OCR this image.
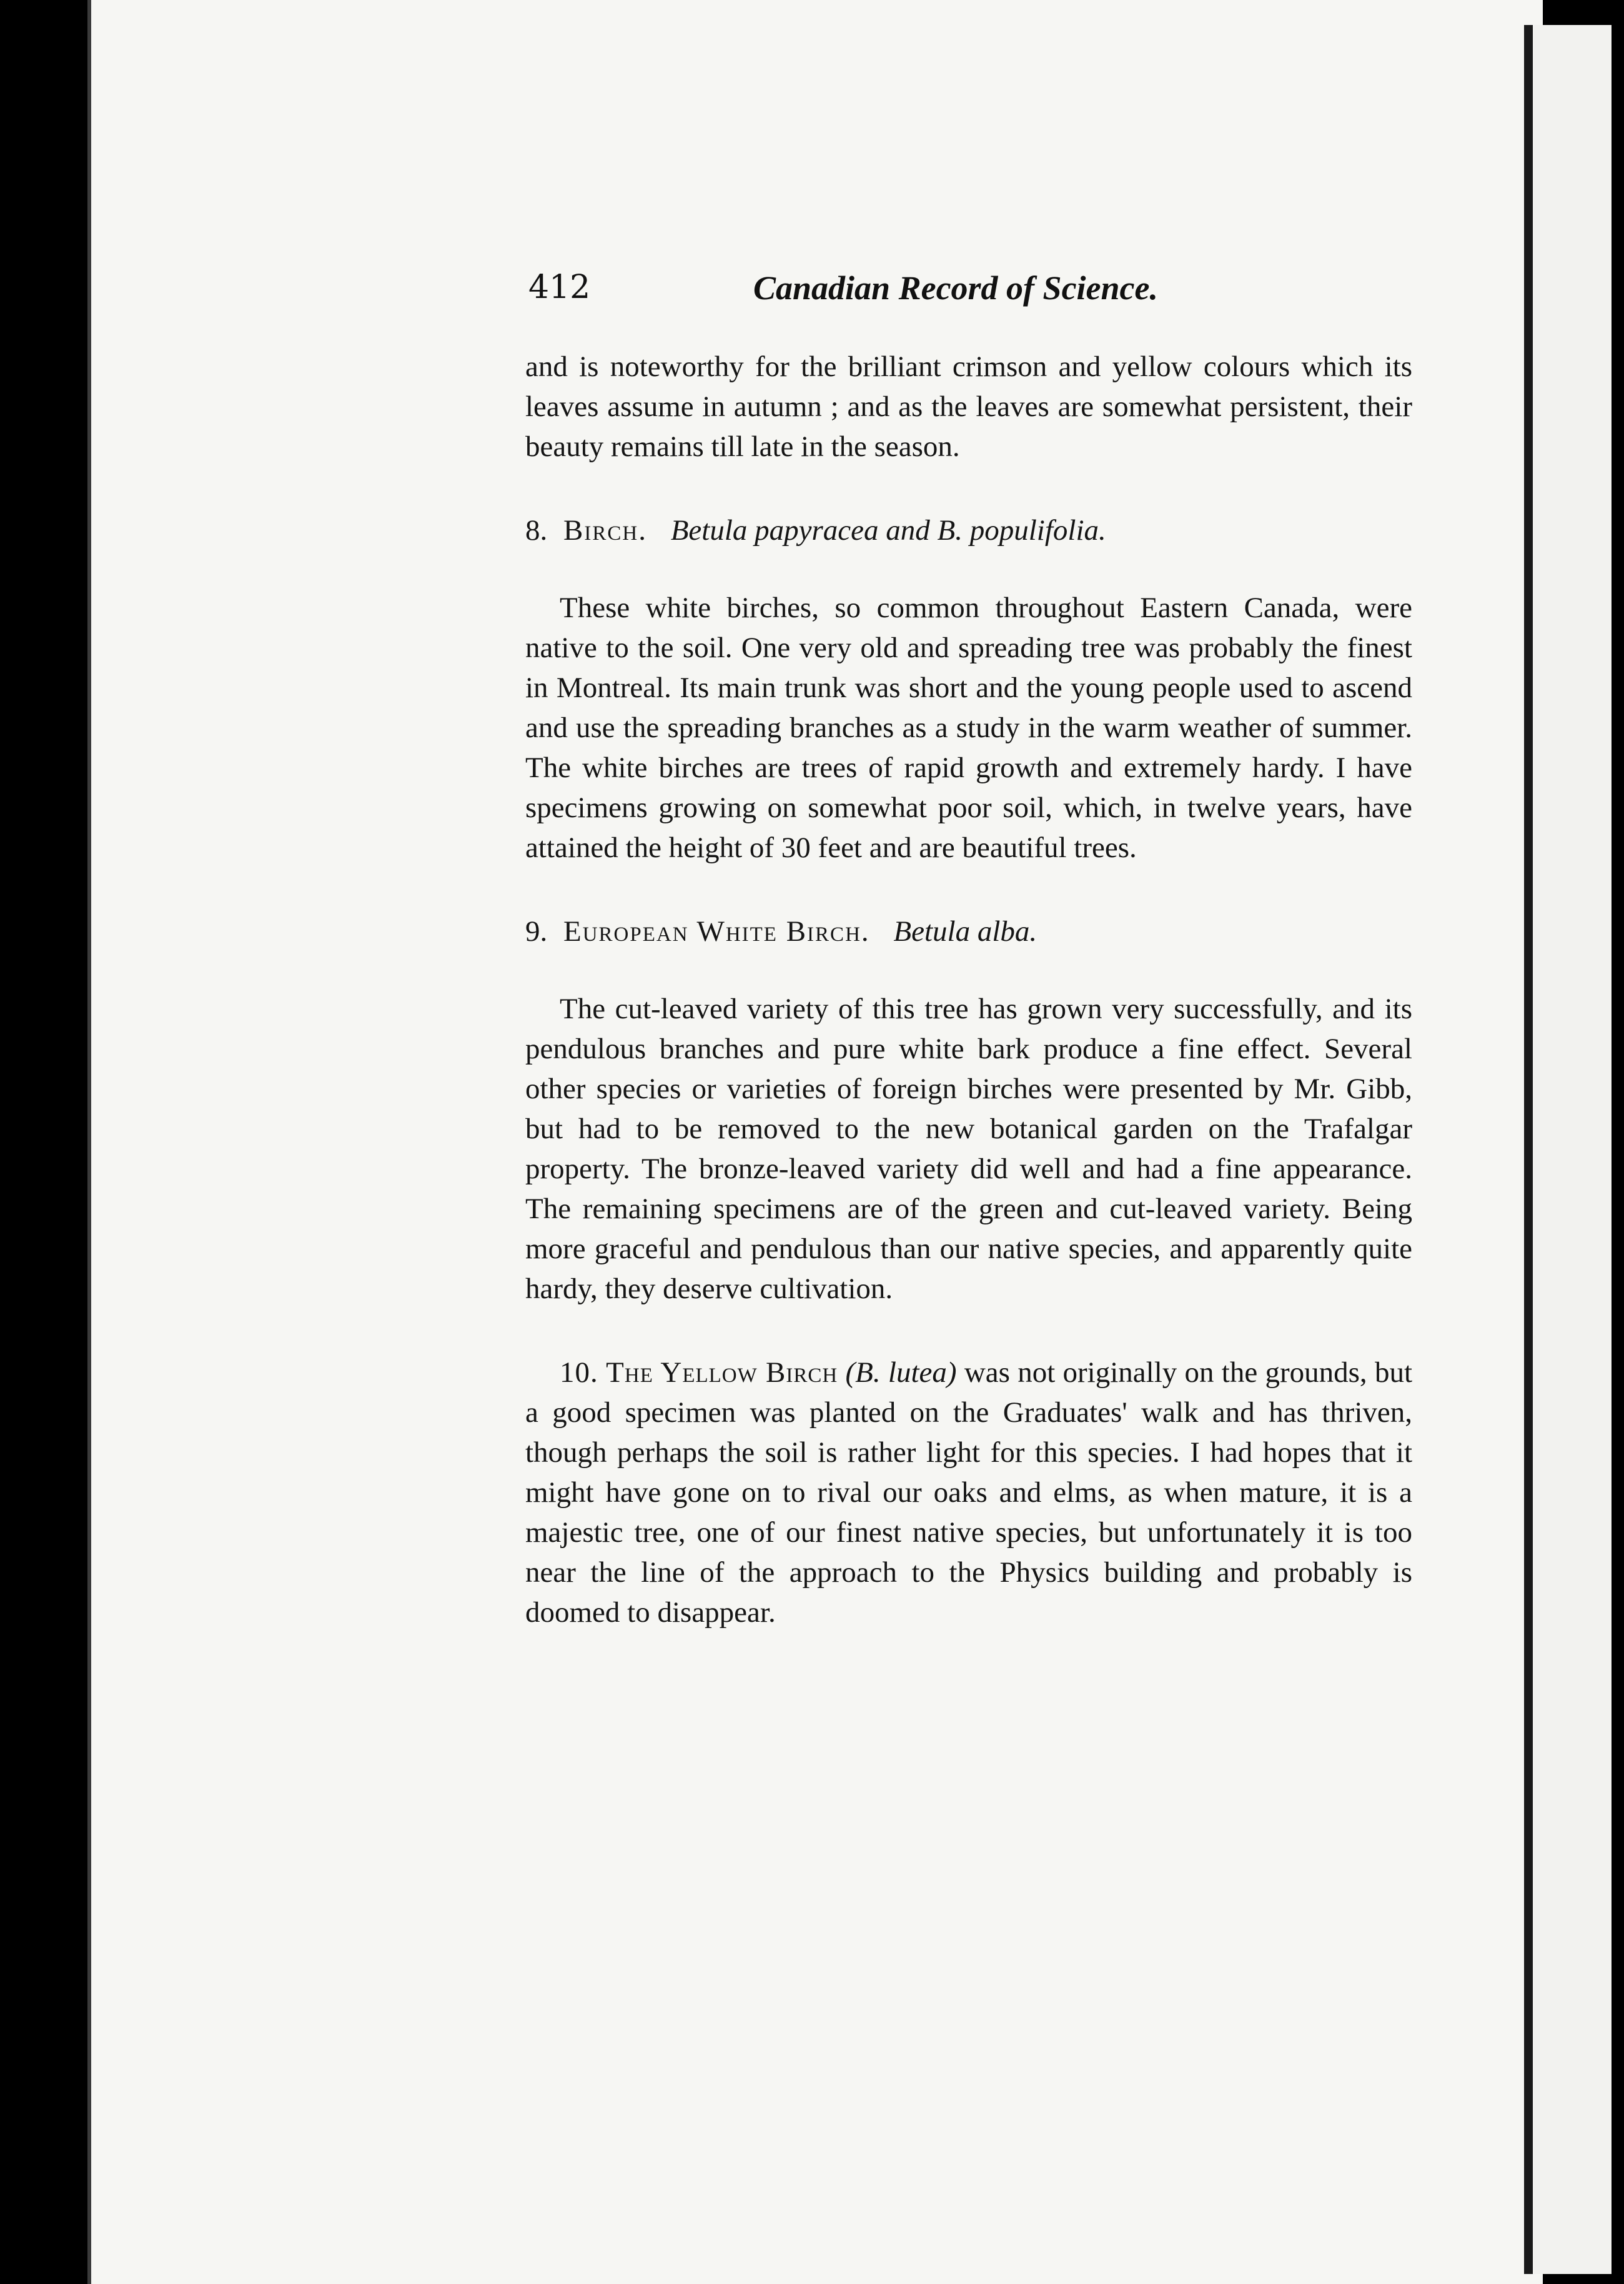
412	Canadian Record of Science.

and is noteworthy for the brilliant crimson and yellow colours which its leaves assume in autumn ; and as the leaves are somewhat persistent, their beauty remains till late in the season.

8. Birch. Betula papyracea and B. populifolia.

These white birches, so common throughout Eastern Canada, were native to the soil. One very old and spreading tree was probably the finest in Montreal. Its main trunk was short and the young people used to ascend and use the spreading branches as a study in the warm weather of summer. The white birches are trees of rapid growth and extremely hardy. I have specimens growing on somewhat poor soil, which, in twelve years, have attained the height of 30 feet and are beautiful trees.

9. European White Birch. Betula alba.

The cut-leaved variety of this tree has grown very successfully, and its pendulous branches and pure white bark produce a fine effect. Several other species or varieties of foreign birches were presented by Mr. Gibb, but had to be removed to the new botanical garden on the Trafalgar property. The bronze-leaved variety did well and had a fine appearance. The remaining specimens are of the green and cut-leaved variety. Being more graceful and pendulous than our native species, and apparently quite hardy, they deserve cultivation.

10. The Yellow Birch (B. lutea) was not originally on the grounds, but a good specimen was planted on the Graduates' walk and has thriven, though perhaps the soil is rather light for this species. I had hopes that it might have gone on to rival our oaks and elms, as when mature, it is a majestic tree, one of our finest native species, but unfortunately it is too near the line of the approach to the Physics building and probably is doomed to disappear.
